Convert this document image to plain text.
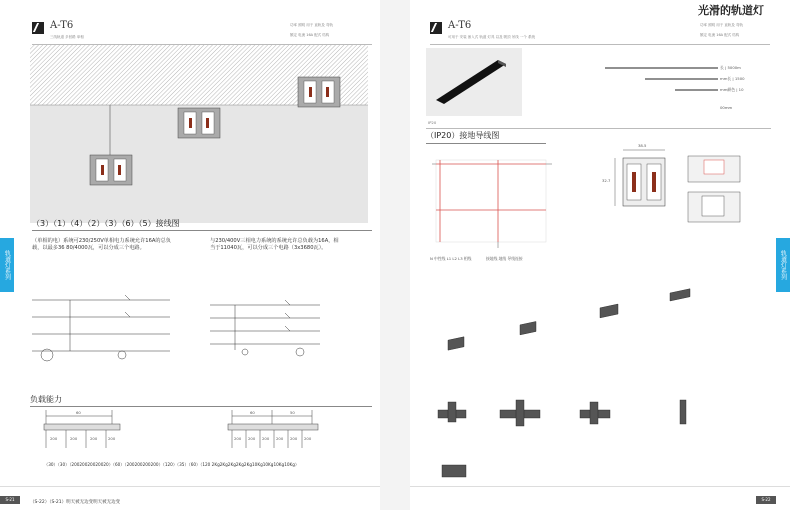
A-T6
三线轨道 多回路 单相
功率 照明 用于 直轨及 弯轨
额定 电流 16A 配式 结构
（3）（1）（4）（2）（3）（6）（5）接线图
（单相的电）系统可230/250V单相电力系统允许16A的总负载，以最多36 80/4000瓦，可以分成三个电路。
与230/400V三相电力系统的系统允许总负载为16A，相当于11040瓦，可以分成三个电路（3x3680瓦）。
负载能力
60	60	50
200	200	200	200	200 200 200 200 200 200
（30）（30）（20020020020020）（60）（200200200200）（120）（35）（60）（120 2Kg2Kg2Kg2Kg2Kg10Kg10Kg10Kg10Kg）
S-21
（S-22）（S-21）明天被无边变明天被无边变
轨道灯系列
光滑的轨道灯
A-T6
可用于 安装 嵌入式 轨道 灯具 以及 吸顶 吊线 一个 系统
功率 照明 用于 直轨及 弯轨
额定 电流 16A 配式 结构
IP20
长 | 5000m
mm长 | 1500
mm颜色 | 10
00mm
（IP20）接地导线图
N 中性线 L1 L2 L3 相线	接地线 地线 导线连接
38.5
32.7
S-22
轨道灯系列
